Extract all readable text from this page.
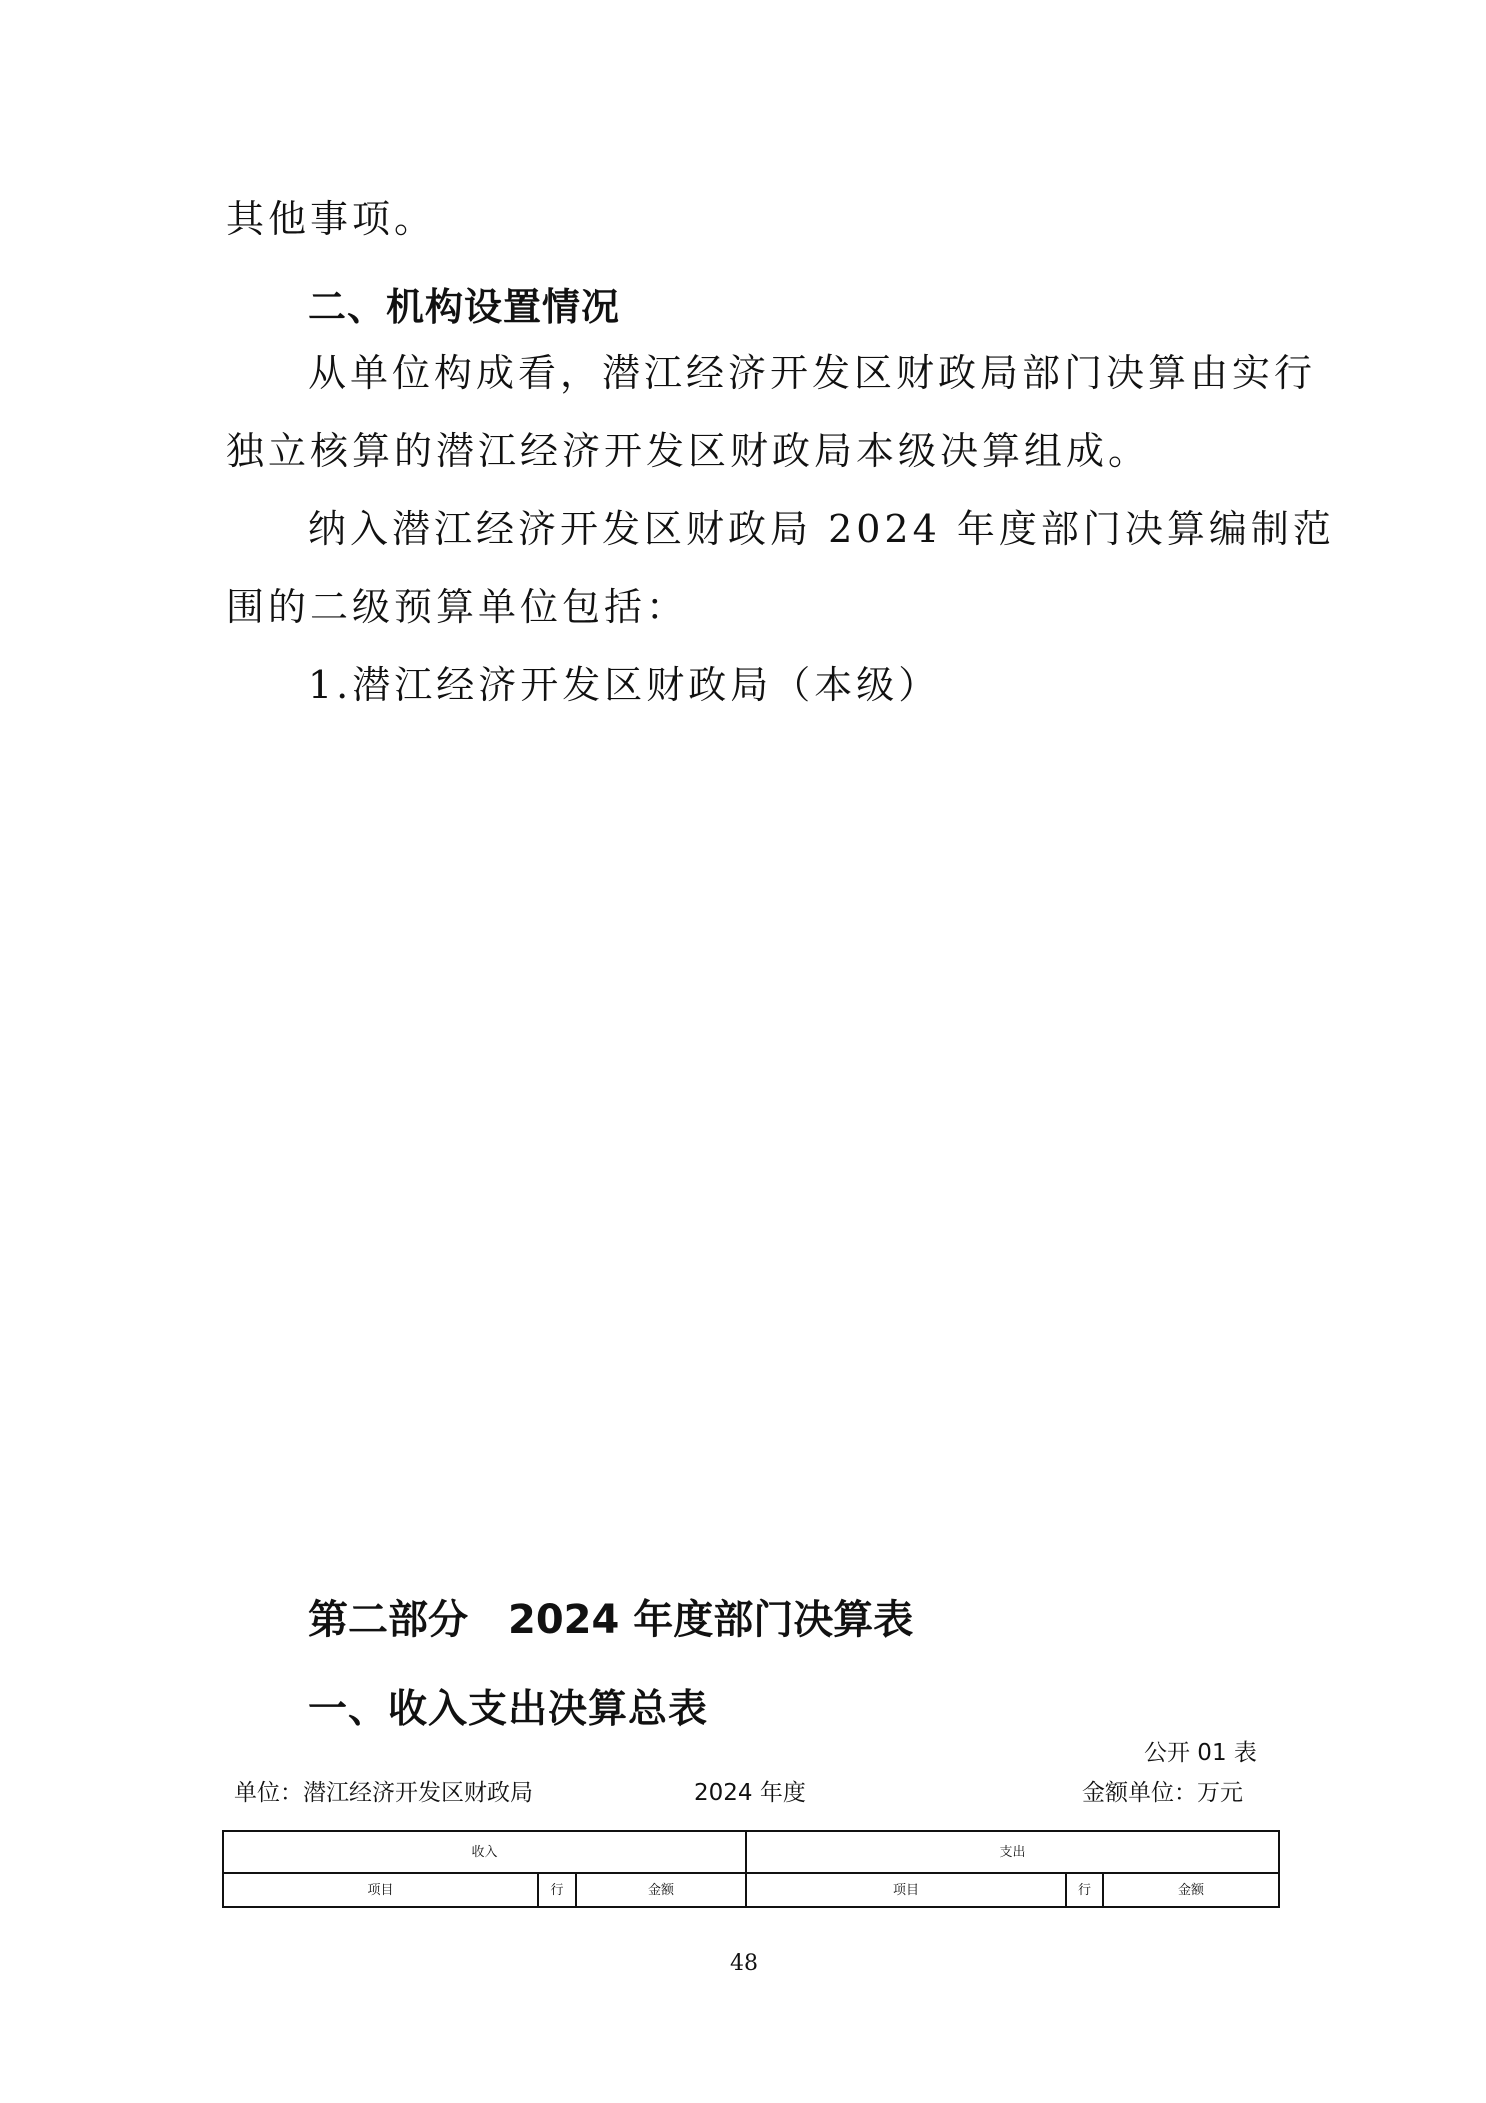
其他事项。
二、机构设置情况
从单位构成看，潜江经济开发区财政局部门决算由实行
独立核算的潜江经济开发区财政局本级决算组成。
纳入潜江经济开发区财政局 2024 年度部门决算编制范
围的二级预算单位包括：
1.潜江经济开发区财政局（本级）
第二部分　2024 年度部门决算表
一、收入支出决算总表
公开 01 表
单位：潜江经济开发区财政局	2024 年度	金额单位：万元
收入	支出
项目	行	金额	项目	行	金额
48
